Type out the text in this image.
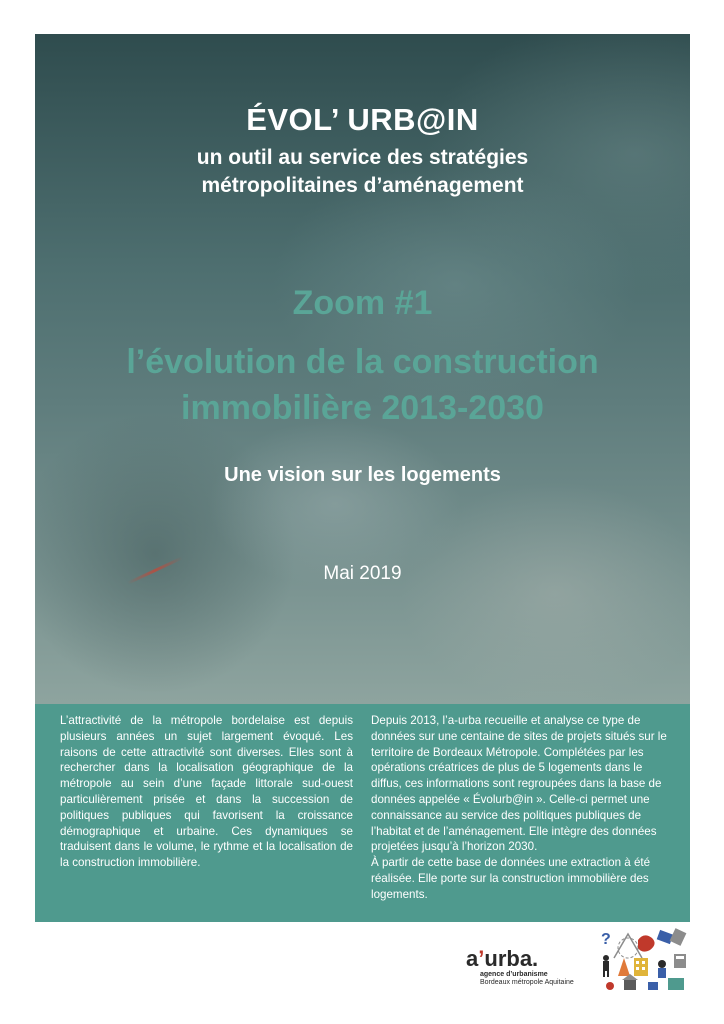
ÉVOL’ URB@IN
un outil au service des stratégies
métropolitaines d’aménagement
Zoom #1
l’évolution de la construction
immobilière 2013-2030
Une vision sur les logements
Mai 2019

L’attractivité de la métropole bordelaise est depuis plusieurs années un sujet largement évoqué. Les raisons de cette attractivité sont diverses. Elles sont à rechercher dans la localisation géographique de la métropole au sein d’une façade littorale sud-ouest particulièrement prisée et dans la succession de politiques publiques qui favorisent la croissance démographique et urbaine. Ces dynamiques se traduisent dans le volume, le rythme et la localisation de la construction immobilière.

Depuis 2013, l’a-urba recueille et analyse ce type de données sur une centaine de sites de projets situés sur le territoire de Bordeaux Métropole. Complétées par les opérations créatrices de plus de 5 logements dans le diffus, ces informations sont regroupées dans la base de données appelée « Évolurb@in ». Celle-ci permet une connaissance au service des politiques publiques de l’habitat et de l’aménagement. Elle intègre des données projetées jusqu’à l’horizon 2030.

À partir de cette base de données une extraction à été réalisée. Elle porte sur la construction immobilière des logements.

a’urba.
agence d’urbanisme
Bordeaux métropole Aquitaine
?
